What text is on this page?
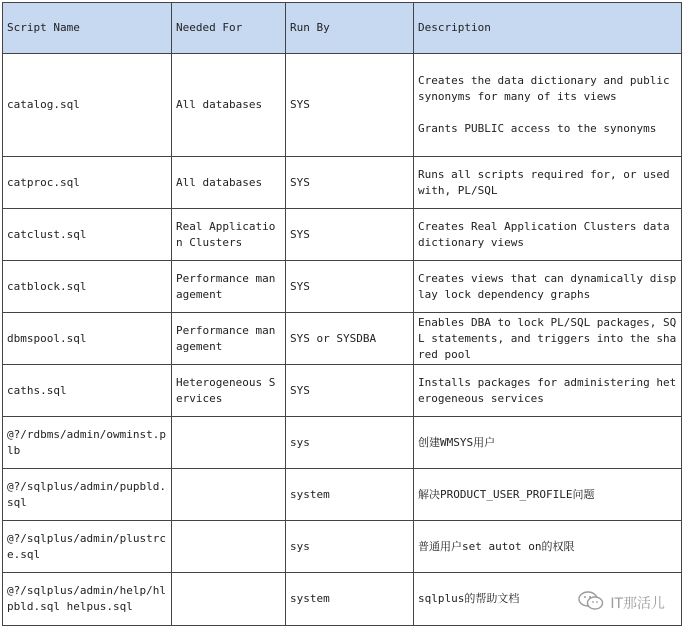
Script Name	Needed For	Run By	Description
catalog.sql	All databases	SYS	Creates the data dictionary and public synonyms for many of its views
Grants PUBLIC access to the synonyms
catproc.sql	All databases	SYS	Runs all scripts required for, or used with, PL/SQL
catclust.sql	Real Application Clusters	SYS	Creates Real Application Clusters data dictionary views
catblock.sql	Performance management	SYS	Creates views that can dynamically display lock dependency graphs
dbmspool.sql	Performance management	SYS or SYSDBA	Enables DBA to lock PL/SQL packages, SQL statements, and triggers into the shared pool
caths.sql	Heterogeneous Services	SYS	Installs packages for administering heterogeneous services
@?/rdbms/admin/owminst.plb		sys	创建WMSYS用户
@?/sqlplus/admin/pupbld.sql		system	解决PRODUCT_USER_PROFILE问题
@?/sqlplus/admin/plustrce.sql		sys	普通用户set autot on的权限
@?/sqlplus/admin/help/hlpbld.sql helpus.sql		system	sqlplus的帮助文档	IT那活儿
